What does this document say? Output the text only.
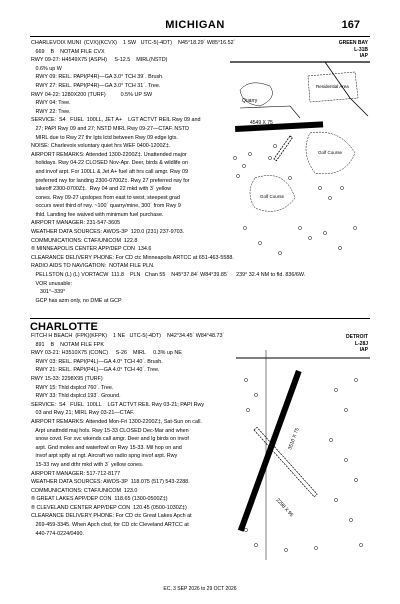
MICHIGAN	167
CHARLEVOIX MUNI  (CVX)(KCVX)    1 SW   UTC-5(-4DT)    N45°18.29´ W85°16.52´
669    B    NOTAM FILE CVX
RWY 09-27: H4549X75 (ASPH)     S-12.5    MIRL(NSTD)
0.6% up W
RWY 09: REIL. PAPI(P4R)—GA 3.0° TCH 39´. Brush.
RWY 27: REIL. PAPI(P4R)—GA 3.0° TCH 31´. Tree.
RWY 04-22: 1280X200 (TURF)          0.5% UP SW
RWY 04: Tree.
RWY 22: Tree.
SERVICE:  S4   FUEL  100LL, JET A+    LGT ACTVT REIL Rwy 09 and
27; PAPI Rwy 09 and 27; NSTD MIRL Rwy 09-27—CTAF. NSTD
MIRL due to Rwy 27 thr lgts lctd between Rwy 09 edge lgts.
NOISE: Charlevoix voluntary quiet hrs WEF 0400-1200Z‡.
AIRPORT REMARKS: Attended 1300-2200Z‡. Unattended major
holidays. Rwy 04-22 CLOSED Nov-Apr. Deer, birds & wildlife on
and invof arpt. For 100LL & Jet A+ fuel aft hrs call amgr. Rwy 09
preferred rwy for landing 2300-0700Z‡. Rwy 27 preferred rwy for
takeoff 2300-0700Z‡.  Rwy 04 and 22 mkd with 3´ yellow
cones. Rwy 09-27 upslopes from east to west, steepest grad
occurs west third of rwy. ~100´ quarry/mine, 300´ from Rwy 9
thld. Landing fee waived with minimum fuel purchase.
AIRPORT MANAGER: 231-547-3605
WEATHER DATA SOURCES: AWOS-3P  120.0 (231) 237-9703.
COMMUNICATIONS: CTAF/UNICOM  122.8
® MINNEAPOLIS CENTER APP/DEP CON  134.6
CLEARANCE DELIVERY PHONE: For CD ctc Minneapolis ARTCC at 651-463-5588.
RADIO AIDS TO NAVIGATION:  NOTAM FILE PLN.
PELLSTON (L) (L) VORTACW  111.8    PLN   Chan 55    N45°37.84´ W84°39.85´     239° 32.4 NM to fld. 836/6W.
VOR unusable:
301°–339°
GCP has azm only, no DME at GCP
GREEN BAY
L-31B
IAP
Quarry
Residential Area
4549 X 75
Golf Course
Golf Course
CHARLOTTE
FITCH H BEACH  (FPK)(KFPK)    1 NE   UTC-5(-4DT)    N42°34.45´ W84°48.73´
891    B    NOTAM FILE FPK
RWY 03-21: H3510X75 (CONC)     S-26    MIRL     0.3% up NE
RWY 03: REIL. PAPI(P4L)—GA 4.0° TCH 40´. Brush.
RWY 21: REIL. PAPI(P4L)—GA 4.0° TCH 40´. Tree.
RWY 15-33: 2298X95 (TURF)
RWY 15: Thld dsplcd 760´. Tree.
RWY 33: Thld dsplcd 193´. Ground.
SERVICE:  S4   FUEL  100LL    LGT ACTVT REIL Rwy 03-21; PAPI Rwy
03 and Rwy 21; MIRL Rwy 03-21—CTAF.
AIRPORT REMARKS: Attended Mon-Fri 1300-2200Z‡, Sat-Sun on call.
Arpt unattndd maj hols. Rwy 15-33 CLOSED Dec-Mar and when
snow covd. For svc wkends call amgr. Deer and lg birds on invof
arpt. Gnd moles and waterfowl on Rwy 15-33. Mil hop on and
invof arpt sptly at ngt. Aircraft wo radio spng invof arpt. Rwy
15-33 rwy and dthr mkd with 3´ yellow cones.
AIRPORT MANAGER: 517-712-8177
WEATHER DATA SOURCES: AWOS-3P  118.075 (517) 543-2288.
COMMUNICATIONS: CTAF/UNICOM  123.0
® GREAT LAKES APP/DEP CON  118.65 (1300-0500Z‡)
® CLEVELAND CENTER APP/DEP CON  120.45 (0500-1030Z‡)
CLEARANCE DELIVERY PHONE: For CD ctc Great Lakes Apch at
269-459-3345. When Apch clsd, for CD ctc Cleveland ARTCC at
440-774-0224/0490.
DETROIT
L-28J
IAP
3510 X 75
2298 X 95
EC, 3 SEP 2026 to 29 OCT 2026
